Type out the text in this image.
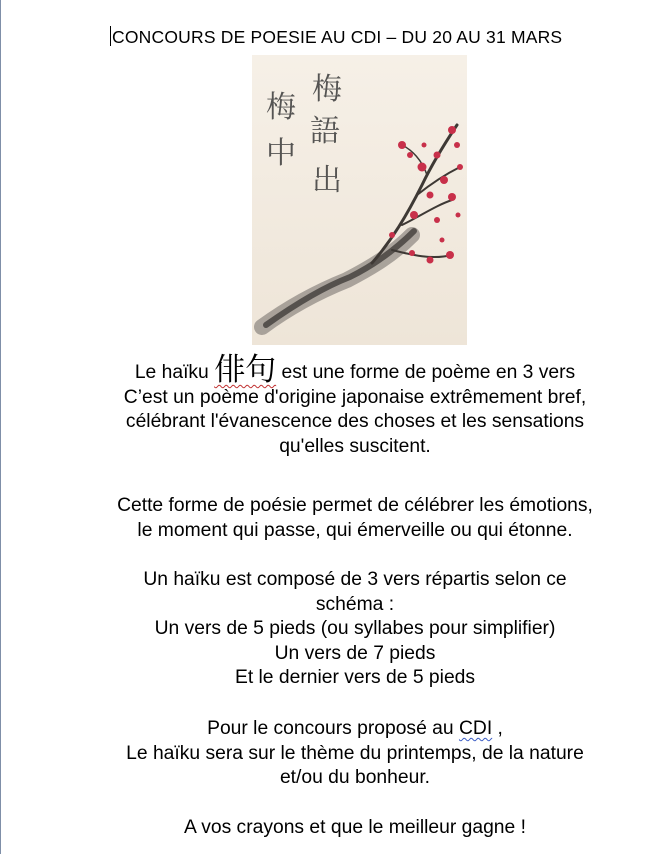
CONCOURS DE POESIE AU CDI – DU 20 AU 31 MARS
梅
語
出
梅
中
Le haïku 俳句 est une forme de poème en 3 vers
C’est un poème d'origine japonaise extrêmement bref,
célébrant l'évanescence des choses et les sensations
qu'elles suscitent.
Cette forme de poésie permet de célébrer les émotions,
le moment qui passe, qui émerveille ou qui étonne.
Un haïku est composé de 3 vers répartis selon ce
schéma :
Un vers de 5 pieds (ou syllabes pour simplifier)
Un vers de 7 pieds
Et le dernier vers de 5 pieds
Pour le concours proposé au CDI ,
Le haïku sera sur le thème du printemps, de la nature
et/ou du bonheur.
A vos crayons et que le meilleur gagne !
